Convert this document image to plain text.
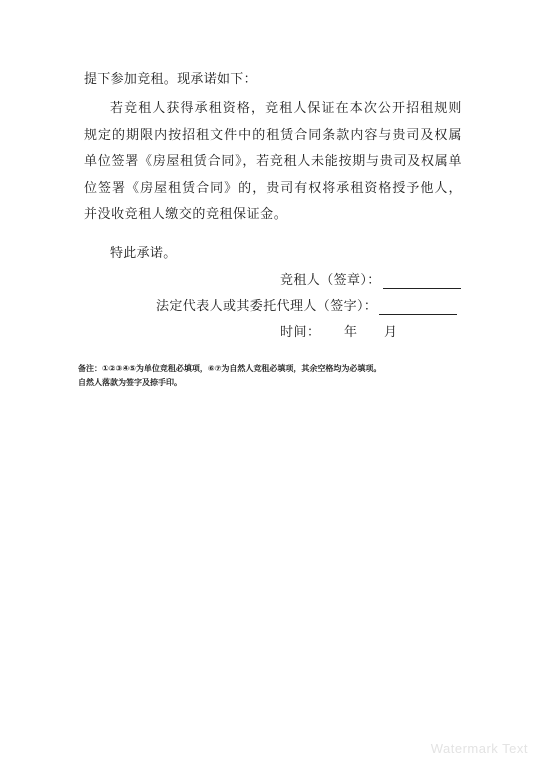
提下参加竞租。现承诺如下：
若竞租人获得承租资格，竞租人保证在本次公开招租规则规定的期限内按招租文件中的租赁合同条款内容与贵司及权属单位签署《房屋租赁合同》，若竞租人未能按期与贵司及权属单位签署《房屋租赁合同》的，贵司有权将承租资格授予他人，并没收竞租人缴交的竞租保证金。
特此承诺。
竞租人（签章）：
法定代表人或其委托代理人（签字）：
时间： 年 月
备注：①②③④⑤为单位竞租必填项，⑥⑦为自然人竞租必填项，其余空格均为必填项。
自然人落款为签字及捺手印。
Watermark Text
